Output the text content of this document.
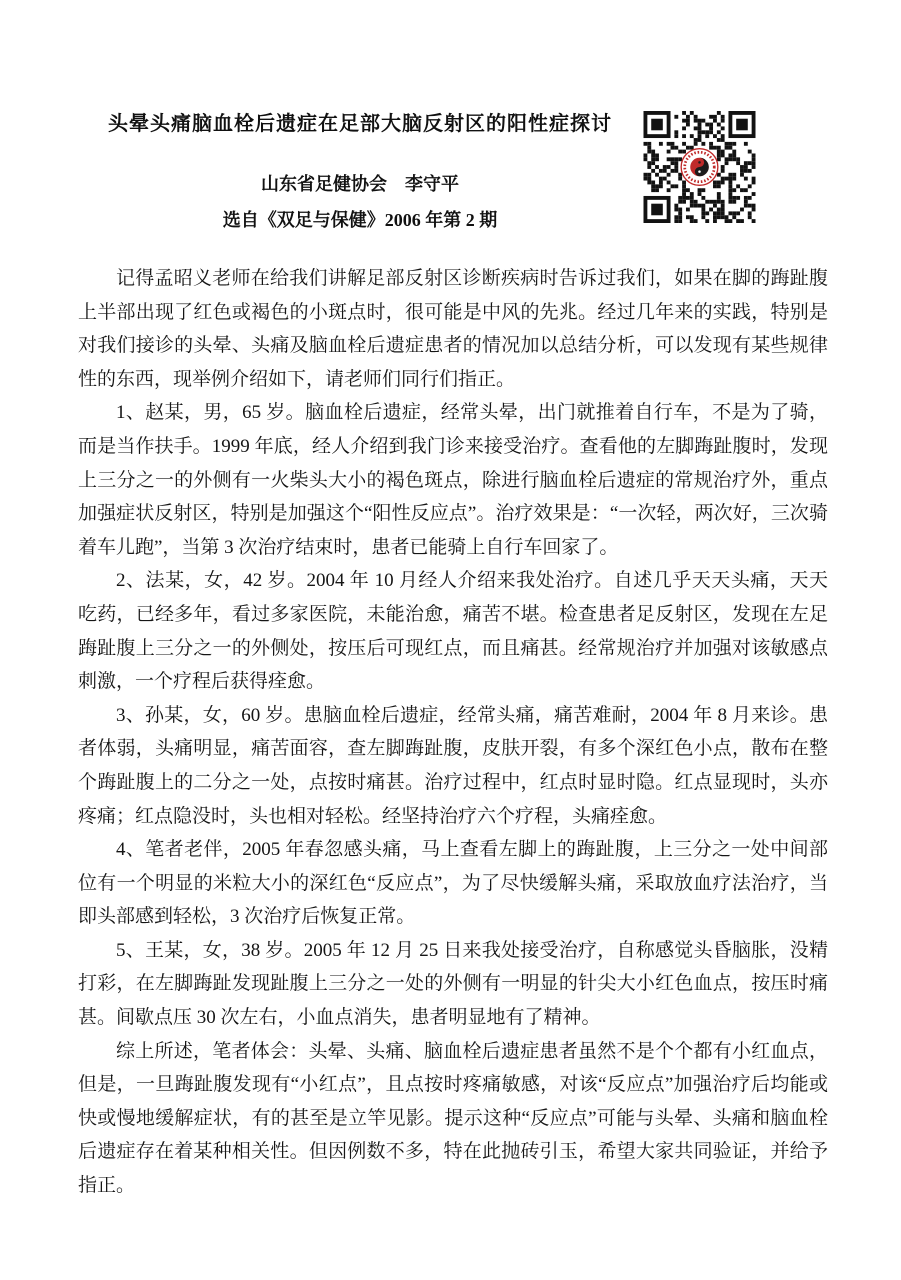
头晕头痛脑血栓后遗症在足部大脑反射区的阳性症探讨
山东省足健协会　李守平
选自《双足与保健》2006 年第 2 期

记得孟昭义老师在给我们讲解足部反射区诊断疾病时告诉过我们，如果在脚的踇趾腹上半部出现了红色或褐色的小斑点时，很可能是中风的先兆。经过几年来的实践，特别是对我们接诊的头晕、头痛及脑血栓后遗症患者的情况加以总结分析，可以发现有某些规律性的东西，现举例介绍如下，请老师们同行们指正。

1、赵某，男，65 岁。脑血栓后遗症，经常头晕，出门就推着自行车，不是为了骑，而是当作扶手。1999 年底，经人介绍到我门诊来接受治疗。查看他的左脚踇趾腹时，发现上三分之一的外侧有一火柴头大小的褐色斑点，除进行脑血栓后遗症的常规治疗外，重点加强症状反射区，特别是加强这个“阳性反应点”。治疗效果是：“一次轻，两次好，三次骑着车儿跑”，当第 3 次治疗结束时，患者已能骑上自行车回家了。

2、法某，女，42 岁。2004 年 10 月经人介绍来我处治疗。自述几乎天天头痛，天天吃药，已经多年，看过多家医院，未能治愈，痛苦不堪。检查患者足反射区，发现在左足踇趾腹上三分之一的外侧处，按压后可现红点，而且痛甚。经常规治疗并加强对该敏感点刺激，一个疗程后获得痊愈。

3、孙某，女，60 岁。患脑血栓后遗症，经常头痛，痛苦难耐，2004 年 8 月来诊。患者体弱，头痛明显，痛苦面容，查左脚踇趾腹，皮肤开裂，有多个深红色小点，散布在整个踇趾腹上的二分之一处，点按时痛甚。治疗过程中，红点时显时隐。红点显现时，头亦疼痛；红点隐没时，头也相对轻松。经坚持治疗六个疗程，头痛痊愈。

4、笔者老伴，2005 年春忽感头痛，马上查看左脚上的踇趾腹，上三分之一处中间部位有一个明显的米粒大小的深红色“反应点”，为了尽快缓解头痛，采取放血疗法治疗，当即头部感到轻松，3 次治疗后恢复正常。

5、王某，女，38 岁。2005 年 12 月 25 日来我处接受治疗，自称感觉头昏脑胀，没精打彩，在左脚踇趾发现趾腹上三分之一处的外侧有一明显的针尖大小红色血点，按压时痛甚。间歇点压 30 次左右，小血点消失，患者明显地有了精神。

综上所述，笔者体会：头晕、头痛、脑血栓后遗症患者虽然不是个个都有小红血点，但是，一旦踇趾腹发现有“小红点”，且点按时疼痛敏感，对该“反应点”加强治疗后均能或快或慢地缓解症状，有的甚至是立竿见影。提示这种“反应点”可能与头晕、头痛和脑血栓后遗症存在着某种相关性。但因例数不多，特在此抛砖引玉，希望大家共同验证，并给予指正。
